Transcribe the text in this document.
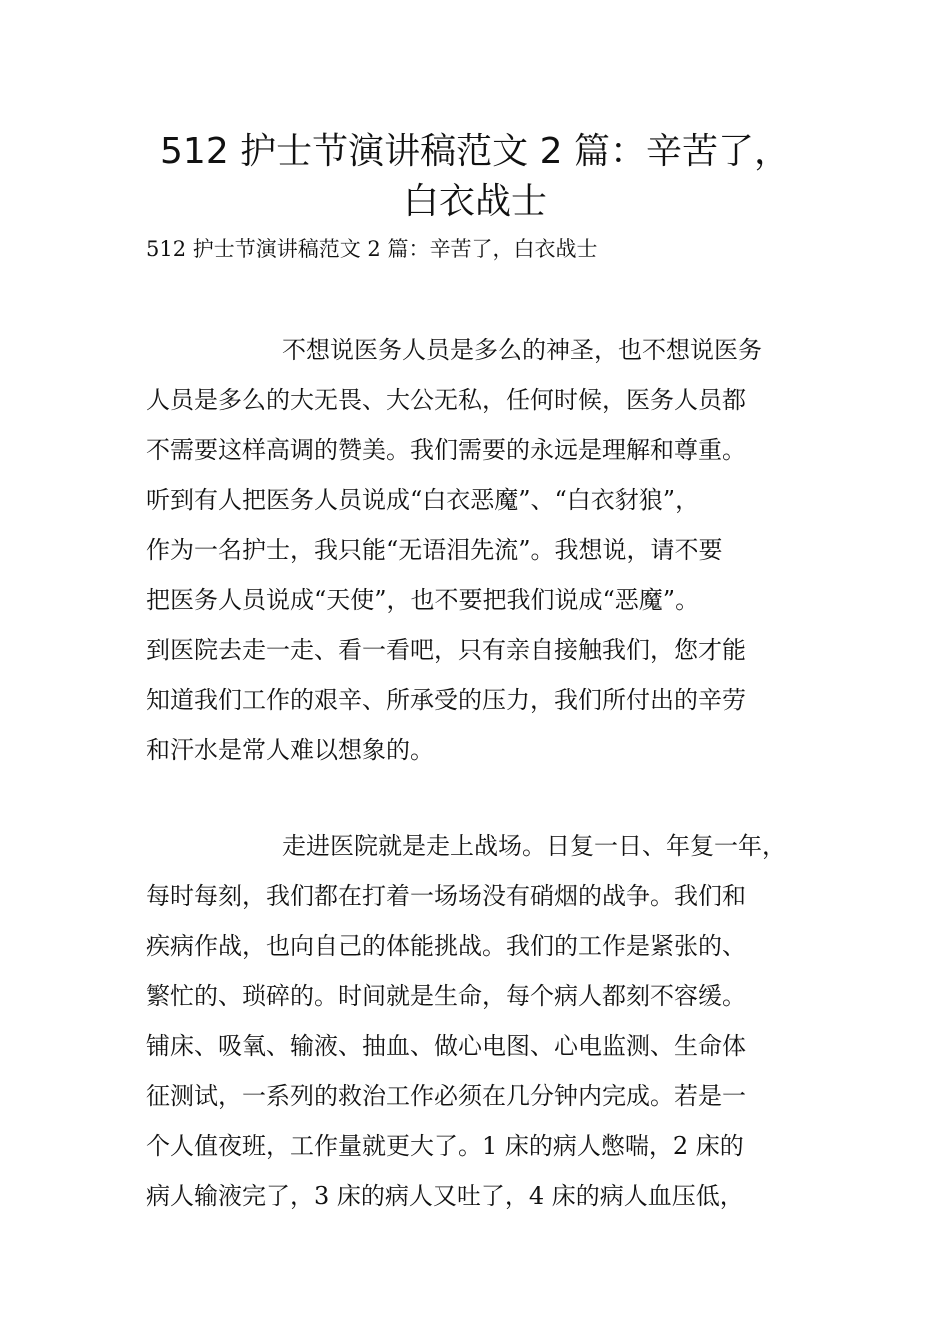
512 护士节演讲稿范文 2 篇：辛苦了，
白衣战士
512 护士节演讲稿范文 2 篇：辛苦了，白衣战士
不想说医务人员是多么的神圣，也不想说医务
人员是多么的大无畏、大公无私，任何时候，医务人员都
不需要这样高调的赞美。我们需要的永远是理解和尊重。
听到有人把医务人员说成“白衣恶魔”、“白衣豺狼”，
作为一名护士，我只能“无语泪先流”。我想说，请不要
把医务人员说成“天使”，也不要把我们说成“恶魔”。
到医院去走一走、看一看吧，只有亲自接触我们，您才能
知道我们工作的艰辛、所承受的压力，我们所付出的辛劳
和汗水是常人难以想象的。
走进医院就是走上战场。日复一日、年复一年，
每时每刻，我们都在打着一场场没有硝烟的战争。我们和
疾病作战，也向自己的体能挑战。我们的工作是紧张的、
繁忙的、琐碎的。时间就是生命，每个病人都刻不容缓。
铺床、吸氧、输液、抽血、做心电图、心电监测、生命体
征测试，一系列的救治工作必须在几分钟内完成。若是一
个人值夜班，工作量就更大了。1 床的病人憋喘，2 床的
病人输液完了，3 床的病人又吐了，4 床的病人血压低，
